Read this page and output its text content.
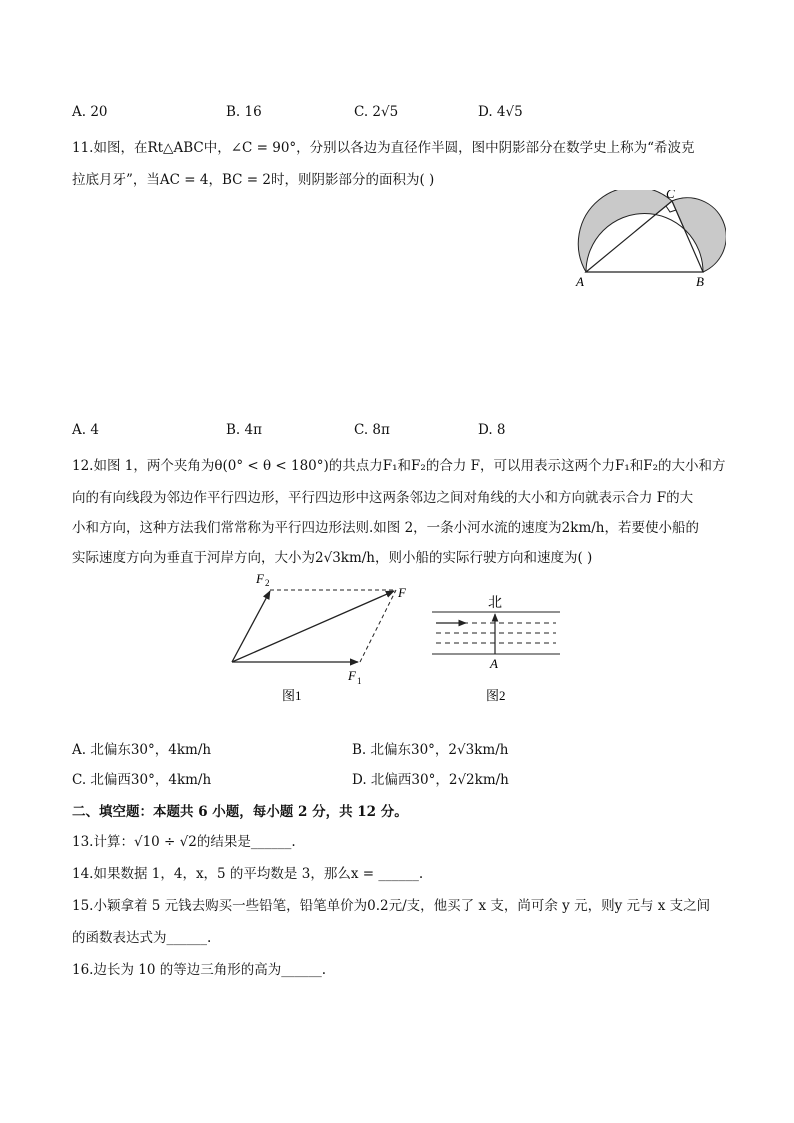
A. 20	B. 16	C. 2√5	D. 4√5
11.如图，在Rt△ABC中，∠C = 90°，分别以各边为直径作半圆，图中阴影部分在数学史上称为“希波克
拉底月牙”，当AC = 4，BC = 2时，则阴影部分的面积为( )
A	B
C
A. 4	B. 4π	C. 8π	D. 8
12.如图 1，两个夹角为θ(0° < θ < 180°)的共点力F₁和F₂的合力 F，可以用表示这两个力F₁和F₂的大小和方
向的有向线段为邻边作平行四边形，平行四边形中这两条邻边之间对角线的大小和方向就表示合力 F的大
小和方向，这种方法我们常常称为平行四边形法则.如图 2，一条小河水流的速度为2km/h，若要使小船的
实际速度方向为垂直于河岸方向，大小为2√3km/h，则小船的实际行驶方向和速度为( )
F 2
F
F 1
图1
北
A
图2
A. 北偏东30°，4km/h	B. 北偏东30°，2√3km/h
C. 北偏西30°，4km/h	D. 北偏西30°，2√2km/h
二、填空题：本题共 6 小题，每小题 2 分，共 12 分。
13.计算：√10 ÷ √2的结果是______.
14.如果数据 1，4，x，5 的平均数是 3，那么x = ______.
15.小颖拿着 5 元钱去购买一些铅笔，铅笔单价为0.2元/支，他买了 x 支，尚可余 y 元，则y 元与 x 支之间
的函数表达式为______.
16.边长为 10 的等边三角形的高为______.
